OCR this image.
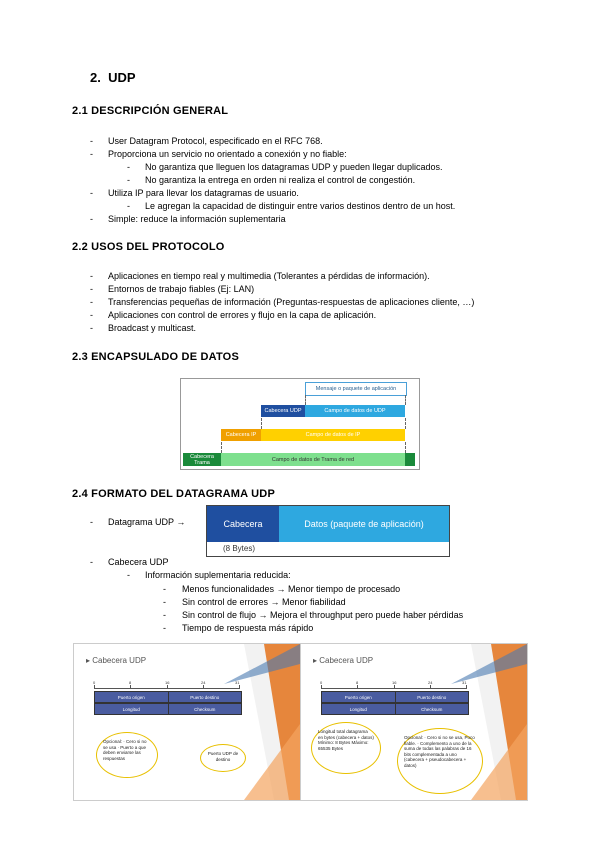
2. UDP
2.1 DESCRIPCIÓN GENERAL
- User Datagram Protocol, especificado en el RFC 768.
- Proporciona un servicio no orientado a conexión y no fiable:
- No garantiza que lleguen los datagramas UDP y pueden llegar duplicados.
- No garantiza la entrega en orden ni realiza el control de congestión.
- Utiliza IP para llevar los datagramas de usuario.
- Le agregan la capacidad de distinguir entre varios destinos dentro de un host.
- Simple: reduce la información suplementaria
2.2 USOS DEL PROTOCOLO
- Aplicaciones en tiempo real y multimedia (Tolerantes a pérdidas de información).
- Entornos de trabajo fiables (Ej: LAN)
- Transferencias pequeñas de información (Preguntas-respuestas de aplicaciones cliente, …)
- Aplicaciones con control de errores y flujo en la capa de aplicación.
- Broadcast y multicast.
2.3 ENCAPSULADO DE DATOS
Mensaje o paquete de aplicación
Cabecera UDP	Campo de datos de UDP
Cabecera IP	Campo de datos de IP
Cabecera Trama	Campo de datos de Trama de red
2.4 FORMATO DEL DATAGRAMA UDP
- Datagrama UDP →	Cabecera	Datos (paquete de aplicación)
(8 Bytes)
- Cabecera UDP
- Información suplementaria reducida:
- Menos funcionalidades → Menor tiempo de procesado
- Sin control de errores → Menor fiabilidad
- Sin control de flujo → Mejora el throughput pero puede haber pérdidas
- Tiempo de respuesta más rápido
▸ Cabecera UDP
0	8	16	24	31
Puerto origen	Puerto destino
Longitud	Checksum
Opcional: · Cero si no se usa · Puerto a que deben enviarse las respuestas
Puerto UDP de destino
▸ Cabecera UDP
0	8	16	24	31
Puerto origen	Puerto destino
Longitud	Checksum
Longitud total datagrama en bytes (cabecera + datos) Mínimo: 8 Bytes Máximo: 65535 Bytes
Opcional: · Cero si no se usa, Poco fiable. · Complemento a uno de la suma de todas las palabras de 16 bits complementada a uno (cabecera + pseudocabecera + datos)
